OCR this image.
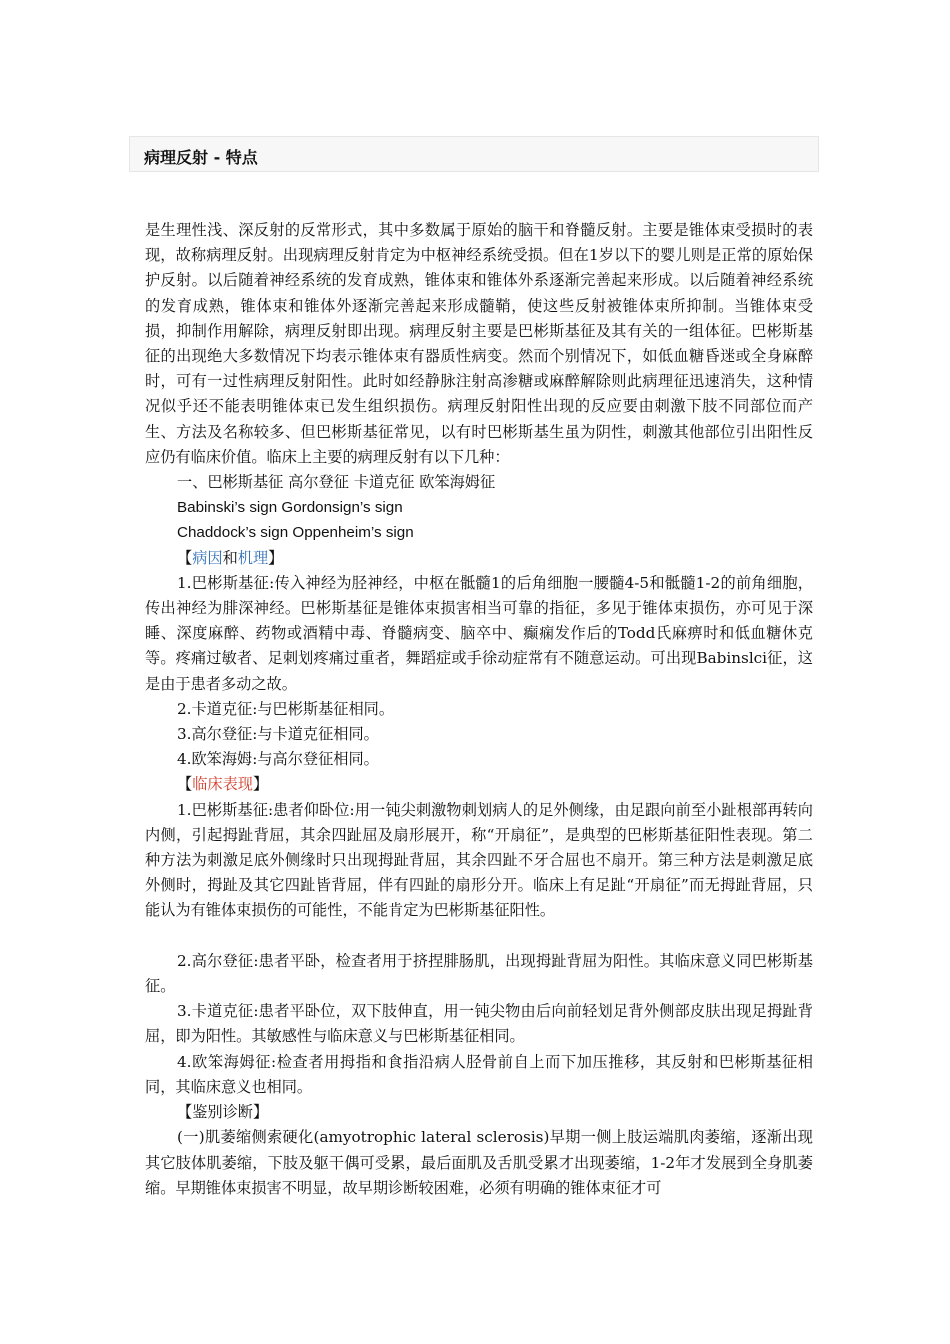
病理反射 - 特点

是生理性浅、深反射的反常形式，其中多数属于原始的脑干和脊髓反射。主要是锥体束受损时的表现，故称病理反射。出现病理反射肯定为中枢神经系统受损。但在1岁以下的婴儿则是正常的原始保护反射。以后随着神经系统的发育成熟，锥体束和锥体外系逐渐完善起来形成。以后随着神经系统的发育成熟，锥体束和锥体外逐渐完善起来形成髓鞘，使这些反射被锥体束所抑制。当锥体束受损，抑制作用解除，病理反射即出现。病理反射主要是巴彬斯基征及其有关的一组体征。巴彬斯基征的出现绝大多数情况下均表示锥体束有器质性病变。然而个别情况下，如低血糖昏迷或全身麻醉时，可有一过性病理反射阳性。此时如经静脉注射高渗糖或麻醉解除则此病理征迅速消失，这种情况似乎还不能表明锥体束已发生组织损伤。病理反射阳性出现的反应要由刺激下肢不同部位而产生、方法及名称较多、但巴彬斯基征常见，以有时巴彬斯基生虽为阴性，刺激其他部位引出阳性反应仍有临床价值。临床上主要的病理反射有以下几种：

一、巴彬斯基征 高尔登征 卡道克征 欧笨海姆征

Babinski’s sign Gordonsign’s sign

Chaddock’s sign Oppenheim’s sign

【病因和机理】

1.巴彬斯基征:传入神经为胫神经，中枢在骶髓1的后角细胞一腰髓4-5和骶髓1-2的前角细胞，传出神经为腓深神经。巴彬斯基征是锥体束损害相当可靠的指征，多见于锥体束损伤，亦可见于深睡、深度麻醉、药物或酒精中毒、脊髓病变、脑卒中、癫痫发作后的Todd氏麻痹时和低血糖休克等。疼痛过敏者、足刺划疼痛过重者，舞蹈症或手徐动症常有不随意运动。可出现Babinslci征，这是由于患者多动之故。

2.卡道克征:与巴彬斯基征相同。

3.高尔登征:与卡道克征相同。

4.欧笨海姆:与高尔登征相同。

【临床表现】

1.巴彬斯基征:患者仰卧位:用一钝尖刺激物刺划病人的足外侧缘，由足跟向前至小趾根部再转向内侧，引起拇趾背屈，其余四趾屈及扇形展开，称“开扇征”，是典型的巴彬斯基征阳性表现。第二种方法为刺激足底外侧缘时只出现拇趾背屈，其余四趾不牙合屈也不扇开。第三种方法是刺激足底外侧时，拇趾及其它四趾皆背屈，伴有四趾的扇形分开。临床上有足趾“开扇征”而无拇趾背屈，只能认为有锥体束损伤的可能性，不能肯定为巴彬斯基征阳性。

2.高尔登征:患者平卧，检查者用于挤捏腓肠肌，出现拇趾背屈为阳性。其临床意义同巴彬斯基征。

3.卡道克征:患者平卧位，双下肢伸直，用一钝尖物由后向前轻划足背外侧部皮肤出现足拇趾背屈，即为阳性。其敏感性与临床意义与巴彬斯基征相同。

4.欧笨海姆征:检查者用拇指和食指沿病人胫骨前自上而下加压推移，其反射和巴彬斯基征相同，其临床意义也相同。

【鉴别诊断】

(一)肌萎缩侧索硬化(amyotrophic lateral sclerosis)早期一侧上肢运端肌肉萎缩，逐渐出现其它肢体肌萎缩，下肢及躯干偶可受累，最后面肌及舌肌受累才出现萎缩，1-2年才发展到全身肌萎缩。早期锥体束损害不明显，故早期诊断较困难，必须有明确的锥体束征才可
